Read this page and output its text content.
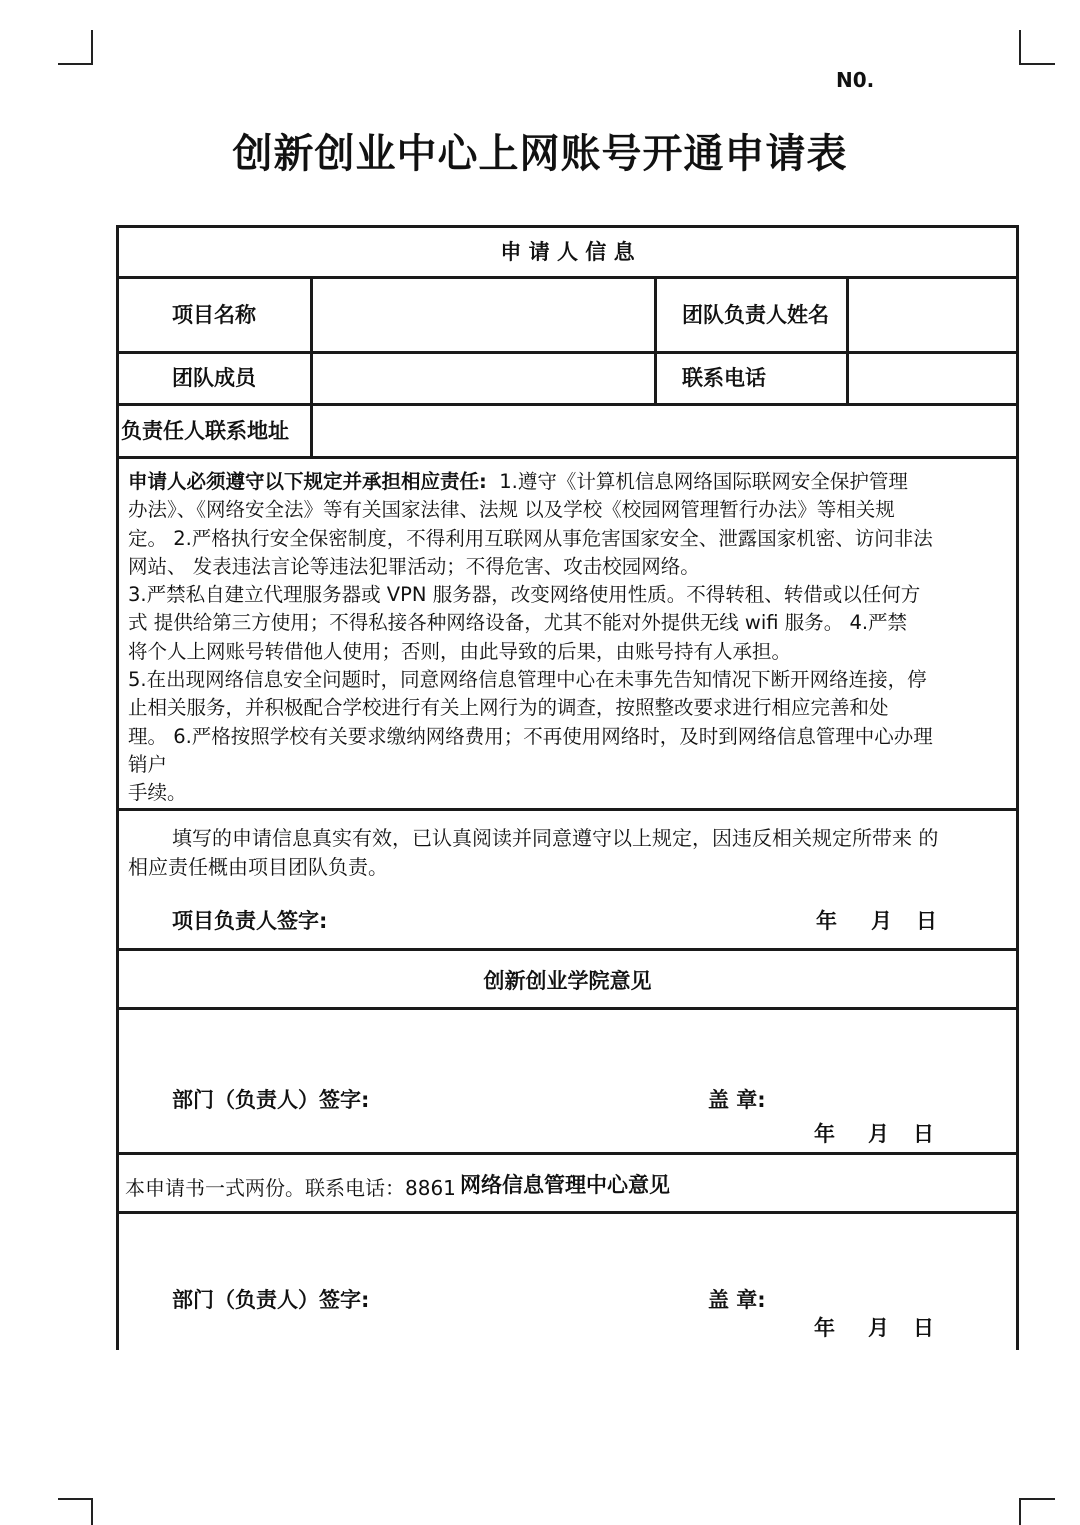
N0.
创新创业中心上网账号开通申请表
申 请 人 信 息
项目名称	团队负责人姓名
团队成员	联系电话
负责任人联系地址
申请人必须遵守以下规定并承担相应责任: 1.遵守《计算机信息网络国际联网安全保护管理
办法》、《网络安全法》等有关国家法律、法规 以及学校《校园网管理暂行办法》等相关规
定。 2.严格执行安全保密制度，不得利用互联网从事危害国家安全、泄露国家机密、访问非法
网站、 发表违法言论等违法犯罪活动；不得危害、攻击校园网络。
3.严禁私自建立代理服务器或 VPN 服务器，改变网络使用性质。不得转租、转借或以任何方
式 提供给第三方使用；不得私接各种网络设备，尤其不能对外提供无线 wifi 服务。 4.严禁
将个人上网账号转借他人使用；否则，由此导致的后果，由账号持有人承担。
5.在出现网络信息安全问题时，同意网络信息管理中心在未事先告知情况下断开网络连接，停
止相关服务，并积极配合学校进行有关上网行为的调查，按照整改要求进行相应完善和处
理。 6.严格按照学校有关要求缴纳网络费用；不再使用网络时，及时到网络信息管理中心办理
销户
手续。
填写的申请信息真实有效，已认真阅读并同意遵守以上规定，因违反相关规定所带来 的
相应责任概由项目团队负责。
项目负责人签字:	年 月 日
创新创业学院意见
部门（负责人）签字:	盖 章:
年 月 日
本申请书一式两份。联系电话：8861 网络信息管理中心意见
部门（负责人）签字:	盖 章:
年 月 日
